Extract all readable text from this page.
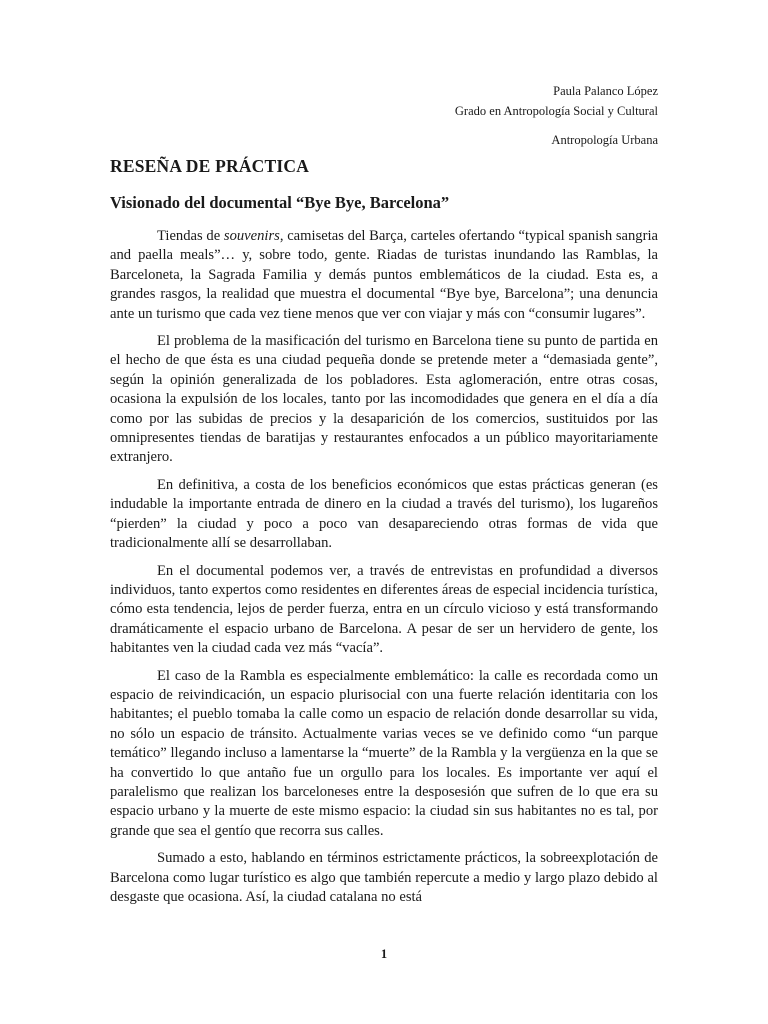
Paula Palanco López
Grado en Antropología Social y Cultural
Antropología Urbana
RESEÑA DE PRÁCTICA
Visionado del documental “Bye Bye, Barcelona”

Tiendas de souvenirs, camisetas del Barça, carteles ofertando “typical spanish sangria and paella meals”… y, sobre todo, gente. Riadas de turistas inundando las Ramblas, la Barceloneta, la Sagrada Familia y demás puntos emblemáticos de la ciudad. Esta es, a grandes rasgos, la realidad que muestra el documental “Bye bye, Barcelona”; una denuncia ante un turismo que cada vez tiene menos que ver con viajar y más con “consumir lugares”.

El problema de la masificación del turismo en Barcelona tiene su punto de partida en el hecho de que ésta es una ciudad pequeña donde se pretende meter a “demasiada gente”, según la opinión generalizada de los pobladores. Esta aglomeración, entre otras cosas, ocasiona la expulsión de los locales, tanto por las incomodidades que genera en el día a día como por las subidas de precios y la desaparición de los comercios, sustituidos por las omnipresentes tiendas de baratijas y restaurantes enfocados a un público mayoritariamente extranjero.

En definitiva, a costa de los beneficios económicos que estas prácticas generan (es indudable la importante entrada de dinero en la ciudad a través del turismo), los lugareños “pierden” la ciudad y poco a poco van desapareciendo otras formas de vida que tradicionalmente allí se desarrollaban.

En el documental podemos ver, a través de entrevistas en profundidad a diversos individuos, tanto expertos como residentes en diferentes áreas de especial incidencia turística, cómo esta tendencia, lejos de perder fuerza, entra en un círculo vicioso y está transformando dramáticamente el espacio urbano de Barcelona. A pesar de ser un hervidero de gente, los habitantes ven la ciudad cada vez más “vacía”.

El caso de la Rambla es especialmente emblemático: la calle es recordada como un espacio de reivindicación, un espacio plurisocial con una fuerte relación identitaria con los habitantes; el pueblo tomaba la calle como un espacio de relación donde desarrollar su vida, no sólo un espacio de tránsito. Actualmente varias veces se ve definido como “un parque temático” llegando incluso a lamentarse la “muerte” de la Rambla y la vergüenza en la que se ha convertido lo que antaño fue un orgullo para los locales. Es importante ver aquí el paralelismo que realizan los barceloneses entre la desposesión que sufren de lo que era su espacio urbano y la muerte de este mismo espacio: la ciudad sin sus habitantes no es tal, por grande que sea el gentío que recorra sus calles.

Sumado a esto, hablando en términos estrictamente prácticos, la sobreexplotación de Barcelona como lugar turístico es algo que también repercute a medio y largo plazo debido al desgaste que ocasiona. Así, la ciudad catalana no está

1
